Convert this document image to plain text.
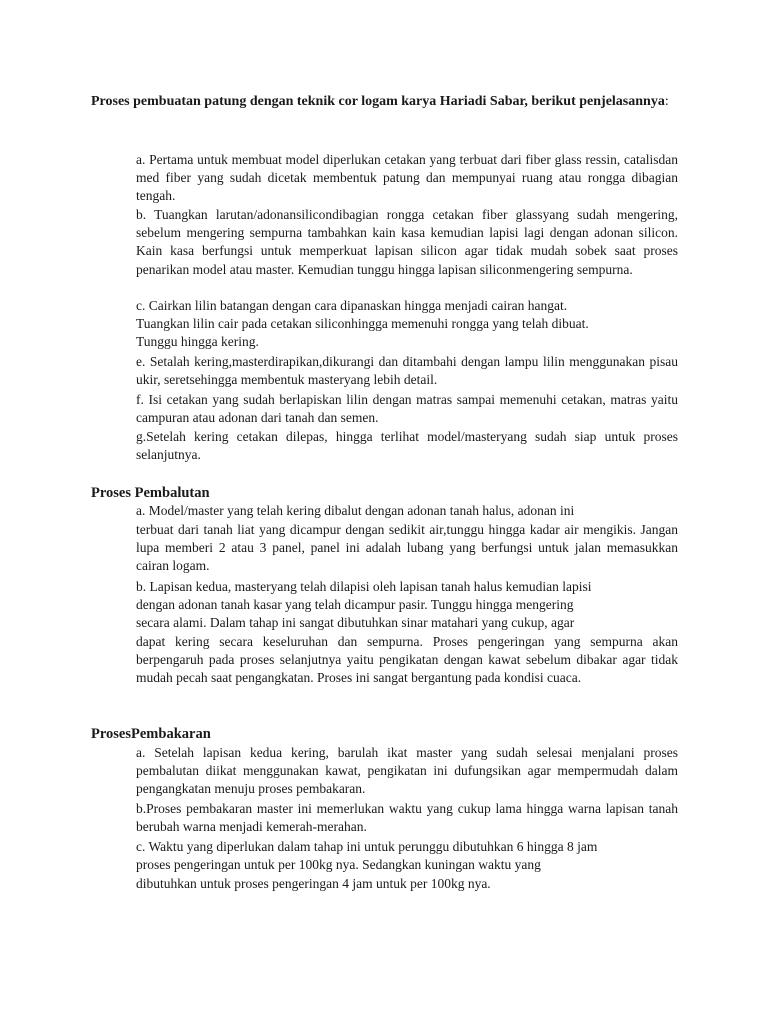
Proses pembuatan patung dengan teknik cor logam karya Hariadi Sabar, berikut penjelasannya:

a. Pertama untuk membuat model diperlukan cetakan yang terbuat dari fiber glass ressin, catalisdan med fiber yang sudah dicetak membentuk patung dan mempunyai ruang atau rongga dibagian tengah.

b. Tuangkan larutan/adonansilicondibagian rongga cetakan fiber glassyang sudah mengering, sebelum mengering sempurna tambahkan kain kasa kemudian lapisi lagi dengan adonan silicon. Kain kasa berfungsi untuk memperkuat lapisan silicon agar tidak mudah sobek saat proses penarikan model atau master. Kemudian tunggu hingga lapisan siliconmengering sempurna.

c. Cairkan lilin batangan dengan cara dipanaskan hingga menjadi cairan hangat.

Tuangkan lilin cair pada cetakan siliconhingga memenuhi rongga yang telah dibuat.

Tunggu hingga kering.

e. Setalah kering,masterdirapikan,dikurangi dan ditambahi dengan lampu lilin menggunakan pisau ukir, seretsehingga membentuk masteryang lebih detail.

f. Isi cetakan yang sudah berlapiskan lilin dengan matras sampai memenuhi cetakan, matras yaitu campuran atau adonan dari tanah dan semen.

g.Setelah kering cetakan dilepas, hingga terlihat model/masteryang sudah siap untuk proses selanjutnya.

Proses Pembalutan

a. Model/master yang telah kering dibalut dengan adonan tanah halus, adonan ini

terbuat dari tanah liat yang dicampur dengan sedikit air,tunggu hingga kadar air mengikis. Jangan lupa memberi 2 atau 3 panel, panel ini adalah lubang yang berfungsi untuk jalan memasukkan cairan logam.

b. Lapisan kedua, masteryang telah dilapisi oleh lapisan tanah halus kemudian lapisi

dengan adonan tanah kasar yang telah dicampur pasir. Tunggu hingga mengering

secara alami. Dalam tahap ini sangat dibutuhkan sinar matahari yang cukup, agar

dapat kering secara keseluruhan dan sempurna. Proses pengeringan yang sempurna akan berpengaruh pada proses selanjutnya yaitu pengikatan dengan kawat sebelum dibakar agar tidak mudah pecah saat pengangkatan. Proses ini sangat bergantung pada kondisi cuaca.

ProsesPembakaran

a. Setelah lapisan kedua kering, barulah ikat master yang sudah selesai menjalani proses pembalutan diikat menggunakan kawat, pengikatan ini dufungsikan agar mempermudah dalam pengangkatan menuju proses pembakaran.

b.Proses pembakaran master ini memerlukan waktu yang cukup lama hingga warna lapisan tanah berubah warna menjadi kemerah-merahan.

c. Waktu yang diperlukan dalam tahap ini untuk perunggu dibutuhkan 6 hingga 8 jam

proses pengeringan untuk per 100kg nya. Sedangkan kuningan waktu yang

dibutuhkan untuk proses pengeringan 4 jam untuk per 100kg nya.
